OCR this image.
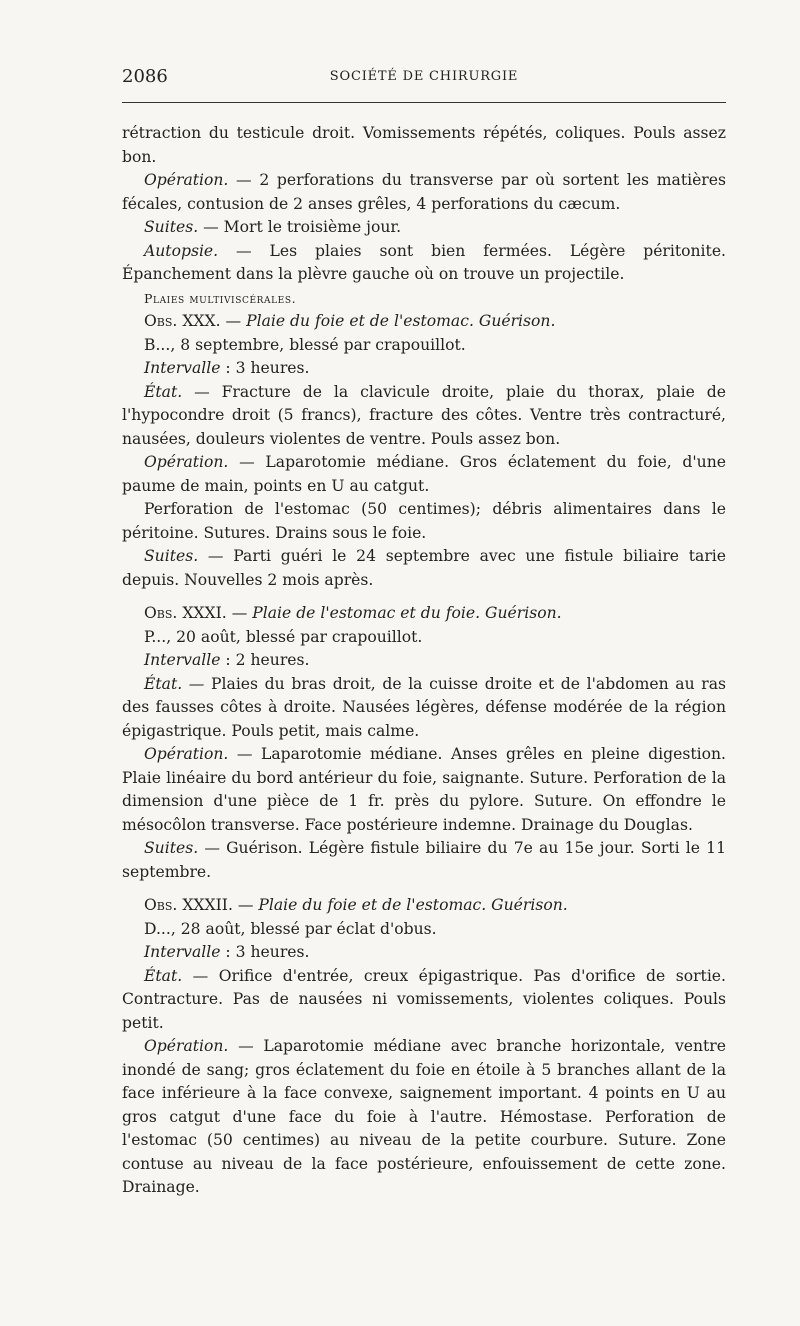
2086	SOCIÉTÉ DE CHIRURGIE

rétraction du testicule droit. Vomissements répétés, coliques. Pouls assez bon.

Opération. — 2 perforations du transverse par où sortent les matières fécales, contusion de 2 anses grêles, 4 perforations du cæcum.

Suites. — Mort le troisième jour.

Autopsie. — Les plaies sont bien fermées. Légère péritonite. Épanchement dans la plèvre gauche où on trouve un projectile.

Plaies multiviscérales.

Obs. XXX. — Plaie du foie et de l'estomac. Guérison.

B..., 8 septembre, blessé par crapouillot.

Intervalle : 3 heures.

État. — Fracture de la clavicule droite, plaie du thorax, plaie de l'hypocondre droit (5 francs), fracture des côtes. Ventre très contracturé, nausées, douleurs violentes de ventre. Pouls assez bon.

Opération. — Laparotomie médiane. Gros éclatement du foie, d'une paume de main, points en U au catgut.

Perforation de l'estomac (50 centimes); débris alimentaires dans le péritoine. Sutures. Drains sous le foie.

Suites. — Parti guéri le 24 septembre avec une fistule biliaire tarie depuis. Nouvelles 2 mois après.

Obs. XXXI. — Plaie de l'estomac et du foie. Guérison.

P..., 20 août, blessé par crapouillot.

Intervalle : 2 heures.

État. — Plaies du bras droit, de la cuisse droite et de l'abdomen au ras des fausses côtes à droite. Nausées légères, défense modérée de la région épigastrique. Pouls petit, mais calme.

Opération. — Laparotomie médiane. Anses grêles en pleine digestion. Plaie linéaire du bord antérieur du foie, saignante. Suture. Perforation de la dimension d'une pièce de 1 fr. près du pylore. Suture. On effondre le mésocôlon transverse. Face postérieure indemne. Drainage du Douglas.

Suites. — Guérison. Légère fistule biliaire du 7e au 15e jour. Sorti le 11 septembre.

Obs. XXXII. — Plaie du foie et de l'estomac. Guérison.

D..., 28 août, blessé par éclat d'obus.

Intervalle : 3 heures.

État. — Orifice d'entrée, creux épigastrique. Pas d'orifice de sortie. Contracture. Pas de nausées ni vomissements, violentes coliques. Pouls petit.

Opération. — Laparotomie médiane avec branche horizontale, ventre inondé de sang; gros éclatement du foie en étoile à 5 branches allant de la face inférieure à la face convexe, saignement important. 4 points en U au gros catgut d'une face du foie à l'autre. Hémostase. Perforation de l'estomac (50 centimes) au niveau de la petite courbure. Suture. Zone contuse au niveau de la face postérieure, enfouissement de cette zone. Drainage.
